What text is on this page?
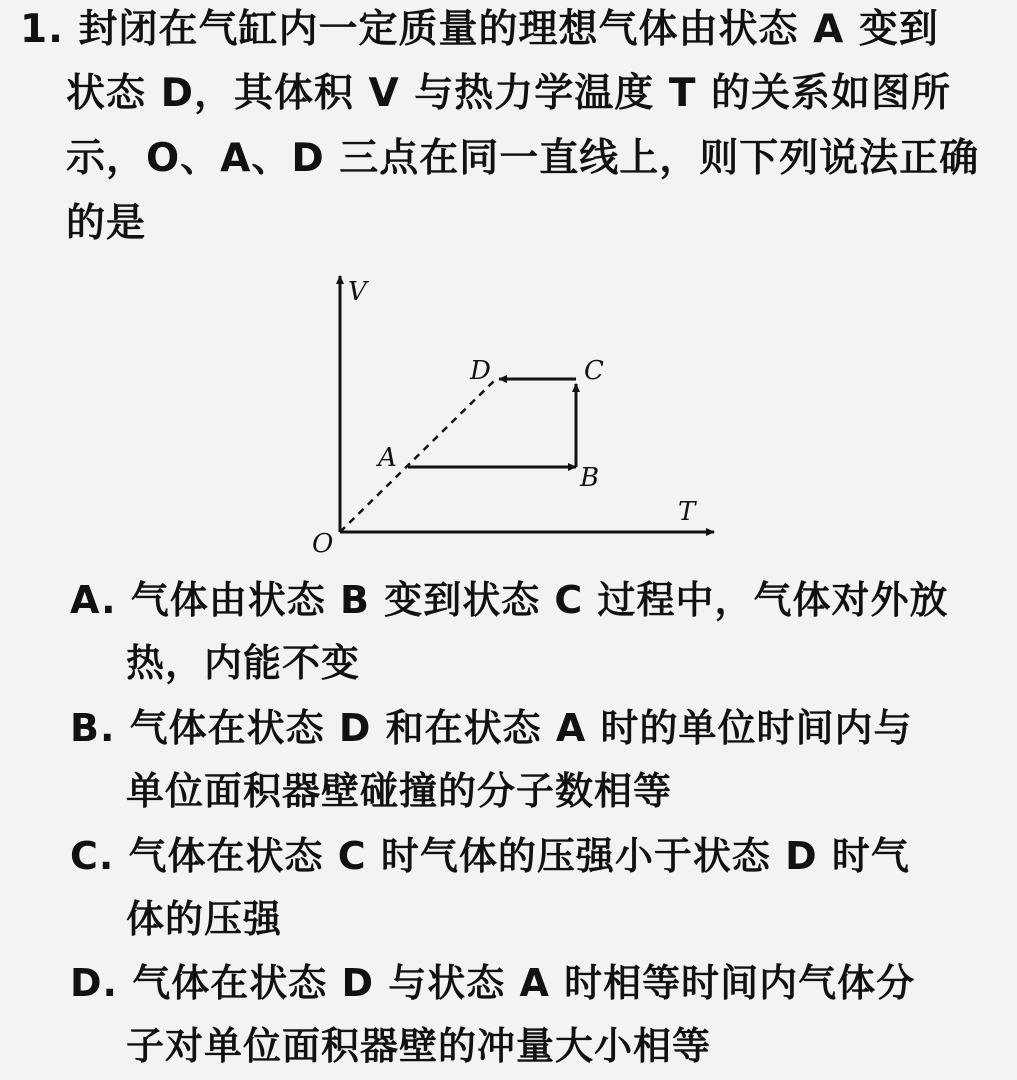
1. 封闭在气缸内一定质量的理想气体由状态 A 变到
状态 D，其体积 V 与热力学温度 T 的关系如图所
示，O、A、D 三点在同一直线上，则下列说法正确
的是
V
T
O
A
B
C
D
A. 气体由状态 B 变到状态 C 过程中，气体对外放
热，内能不变
B. 气体在状态 D 和在状态 A 时的单位时间内与
单位面积器壁碰撞的分子数相等
C. 气体在状态 C 时气体的压强小于状态 D 时气
体的压强
D. 气体在状态 D 与状态 A 时相等时间内气体分
子对单位面积器壁的冲量大小相等
